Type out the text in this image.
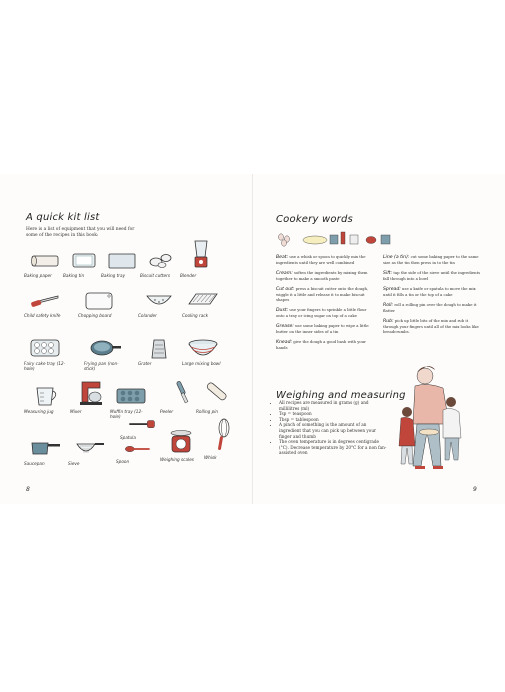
A quick kit list
Here is a list of equipment that you will need for some of the recipes in this book:
Baking paper	Baking tin	Baking tray	Biscuit cutters	Blender
Child safety knife	Chopping board	Colander	Cooling rack
Fairy cake tray (12-hole)
Frying pan (non-stick)
Grater	Large mixing bowl
Measuring jug	Mixer	Muffin tray (12-hole)
Peeler	Rolling pin
Saucepan	Sieve
Spatula
Spoon	Weighing scales	Whisk
8
Cookery words
Beat: use a whisk or spoon to quickly mix the ingredients until they are well combined
Cream: soften the ingredients by mixing them together to make a smooth paste
Cut out: press a biscuit cutter onto the dough, wiggle it a little and release it to make biscuit shapes
Dust: use your fingers to sprinkle a little flour onto a tray or icing sugar on top of a cake
Grease: use some baking paper to wipe a little butter on the inner sides of a tin
Knead: give the dough a good bash with your hands
Line (a tin): cut some baking paper to the same size as the tin then press in to the tin
Sift: tap the side of the sieve until the ingredients fall through into a bowl
Spread: use a knife or spatula to move the mix until it fills a tin or the top of a cake
Roll: roll a rolling pin over the dough to make it flatter
Rub: pick up little bits of the mix and rub it through your fingers until all of the mix looks like breadcrumbs.
Weighing and measuring
• All recipes are measured in grams (g) and millilitres (ml)
• Tsp = teaspoon
• Tbsp = tablespoon
• A pinch of something is the amount of an ingredient that you can pick up between your finger and thumb
• The oven temperature is in degrees centigrade (°C). Decrease temperature by 20°C for a non fan-assisted oven
9
